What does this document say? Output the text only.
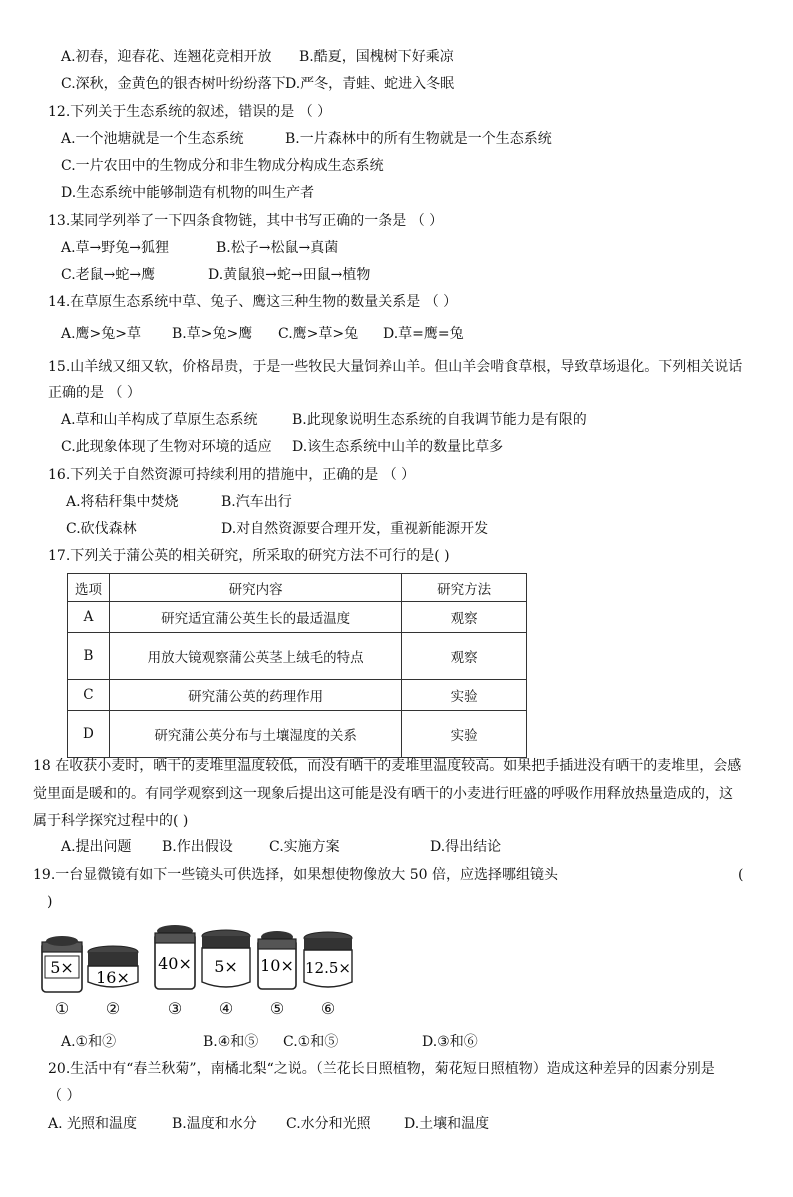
A.初春，迎春花、连翘花竞相开放 B.酷夏，国槐树下好乘凉
C.深秋，金黄色的银杏树叶纷纷落下 D.严冬，青蛙、蛇进入冬眠
12.下列关于生态系统的叙述，错误的是 （ ）
A.一个池塘就是一个生态系统	B.一片森林中的所有生物就是一个生态系统
C.一片农田中的生物成分和非生物成分构成生态系统
D.生态系统中能够制造有机物的叫生产者
13.某同学列举了一下四条食物链，其中书写正确的一条是 （ ）
A.草→野兔→狐狸	B.松子→松鼠→真菌
C.老鼠→蛇→鹰	D.黄鼠狼→蛇→田鼠→植物
14.在草原生态系统中草、兔子、鹰这三种生物的数量关系是 （ ）
A.鹰>兔>草 B.草>兔>鹰 C.鹰>草>兔 D.草=鹰=兔
15.山羊绒又细又软，价格昂贵，于是一些牧民大量饲养山羊。但山羊会啃食草根，导致草场退化。下列相关说话
正确的是 （ ）
A.草和山羊构成了草原生态系统 B.此现象说明生态系统的自我调节能力是有限的
C.此现象体现了生物对环境的适应 D.该生态系统中山羊的数量比草多
16.下列关于自然资源可持续利用的措施中，正确的是 （ ）
A.将秸秆集中焚烧	B.汽车出行
C.砍伐森林	D.对自然资源要合理开发，重视新能源开发
17.下列关于蒲公英的相关研究，所采取的研究方法不可行的是( )
选项	研究内容	研究方法
A	研究适宜蒲公英生长的最适温度	观察
B	用放大镜观察蒲公英茎上绒毛的特点	观察
C	研究蒲公英的药理作用	实验
D	研究蒲公英分布与土壤湿度的关系	实验
18 在收获小麦时，晒干的麦堆里温度较低，而没有晒干的麦堆里温度较高。如果把手插进没有晒干的麦堆里，会感
觉里面是暖和的。有同学观察到这一现象后提出这可能是没有晒干的小麦进行旺盛的呼吸作用释放热量造成的，这
属于科学探究过程中的( )
A.提出问题 B.作出假设	C.实施方案	D.得出结论
19.一台显微镜有如下一些镜头可供选择，如果想使物像放大 50 倍，应选择哪组镜头	(
)
5×
①
16×
②
40×
③
5×
④
10×
⑤
12.5×
⑥
A.①和②	B.④和⑤ C.①和⑤	D.③和⑥
20.生活中有“春兰秋菊”，南橘北梨“之说。（兰花长日照植物，菊花短日照植物）造成这种差异的因素分别是
（ ）
A. 光照和温度 B.温度和水分 C.水分和光照 D.土壤和温度
